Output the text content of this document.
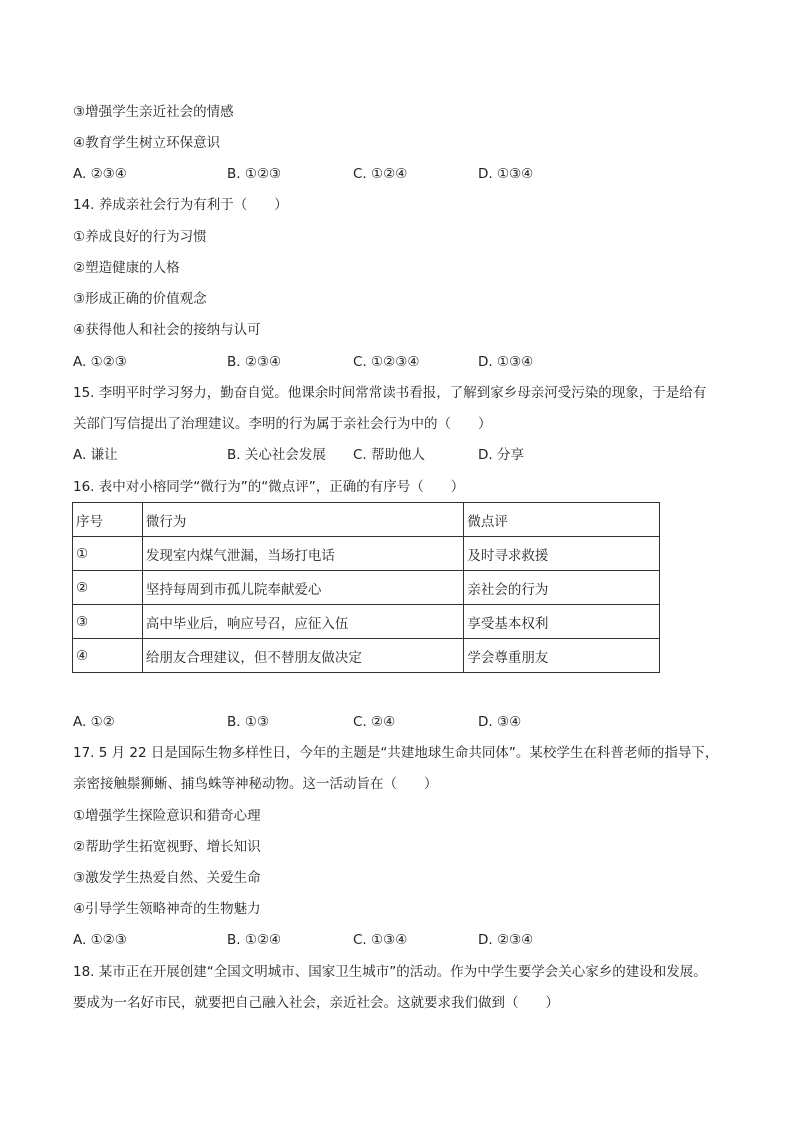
③增强学生亲近社会的情感
④教育学生树立环保意识
A. ②③④	B. ①②③	C. ①②④	D. ①③④
14. 养成亲社会行为有利于（　　）
①养成良好的行为习惯
②塑造健康的人格
③形成正确的价值观念
④获得他人和社会的接纳与认可
A. ①②③	B. ②③④	C. ①②③④	D. ①③④
15. 李明平时学习努力，勤奋自觉。他课余时间常常读书看报，了解到家乡母亲河受污染的现象，于是给有
关部门写信提出了治理建议。李明的行为属于亲社会行为中的（　　）
A. 谦让	B. 关心社会发展 C. 帮助他人	D. 分享
16. 表中对小榕同学“微行为”的“微点评”，正确的有序号（　　）
序号	微行为	微点评
①	发现室内煤气泄漏，当场打电话	及时寻求救援
②	坚持每周到市孤儿院奉献爱心	亲社会的行为
③	高中毕业后，响应号召，应征入伍	享受基本权利
④	给朋友合理建议，但不替朋友做决定	学会尊重朋友
A. ①②	B. ①③	C. ②④	D. ③④
17. 5 月 22 日是国际生物多样性日，今年的主题是“共建地球生命共同体”。某校学生在科普老师的指导下，
亲密接触鬃狮蜥、捕鸟蛛等神秘动物。这一活动旨在（　　）
①增强学生探险意识和猎奇心理
②帮助学生拓宽视野、增长知识
③激发学生热爱自然、关爱生命
④引导学生领略神奇的生物魅力
A. ①②③	B. ①②④	C. ①③④	D. ②③④
18. 某市正在开展创建“全国文明城市、国家卫生城市”的活动。作为中学生要学会关心家乡的建设和发展。
要成为一名好市民，就要把自己融入社会，亲近社会。这就要求我们做到（　　）
